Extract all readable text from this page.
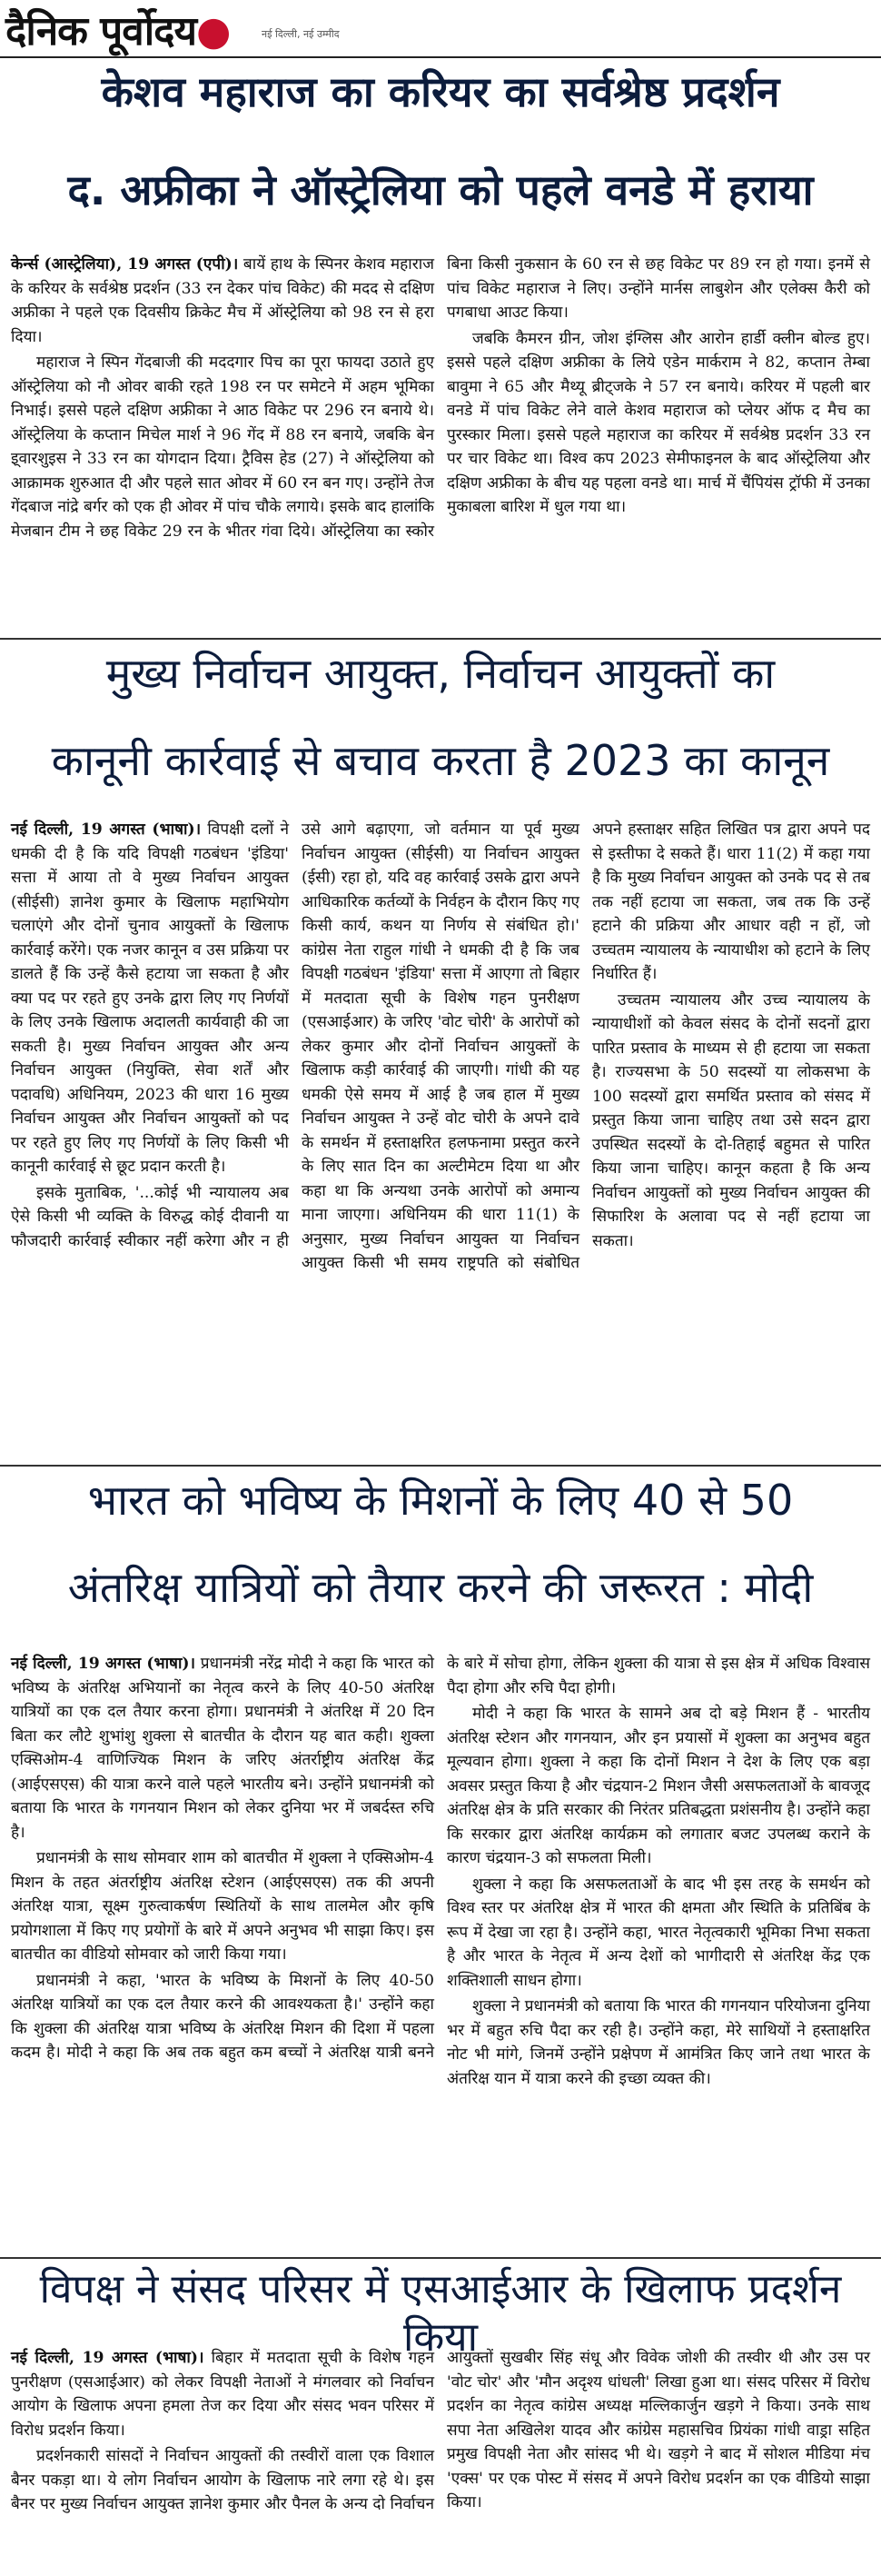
दैनिक पूर्वोदय●	नई दिल्ली, नई उम्मीद
केशव महाराज का करियर का सर्वश्रेष्ठ प्रदर्शन
द. अफ्रीका ने ऑस्ट्रेलिया को पहले वनडे में हराया

केर्न्स (आस्ट्रेलिया), 19 अगस्त (एपी)। बायें हाथ के स्पिनर केशव महाराज के करियर के सर्वश्रेष्ठ प्रदर्शन (33 रन देकर पांच विकेट) की मदद से दक्षिण अफ्रीका ने पहले एक दिवसीय क्रिकेट मैच में ऑस्ट्रेलिया को 98 रन से हरा दिया।

महाराज ने स्पिन गेंदबाजी की मददगार पिच का पूरा फायदा उठाते हुए ऑस्ट्रेलिया को नौ ओवर बाकी रहते 198 रन पर समेटने में अहम भूमिका निभाई। इससे पहले दक्षिण अफ्रीका ने आठ विकेट पर 296 रन बनाये थे। ऑस्ट्रेलिया के कप्तान मिचेल मार्श ने 96 गेंद में 88 रन बनाये, जबकि बेन इ्वारशुइस ने 33 रन का योगदान दिया। ट्रैविस हेड (27) ने ऑस्ट्रेलिया को आक्रामक शुरुआत दी और पहले सात ओवर में 60 रन बन गए। उन्होंने तेज गेंदबाज नांद्रे बर्गर को एक ही ओवर में पांच चौके लगाये। इसके बाद हालांकि मेजबान टीम ने छह विकेट 29 रन के भीतर गंवा दिये। ऑस्ट्रेलिया का स्कोर बिना किसी नुकसान के 60 रन से छह विकेट पर 89 रन हो गया। इनमें से पांच विकेट महाराज ने लिए। उन्होंने मार्नस लाबुशेन और एलेक्स कैरी को पगबाधा आउट किया।

जबकि कैमरन ग्रीन, जोश इंग्लिस और आरोन हार्डी क्लीन बोल्ड हुए। इससे पहले दक्षिण अफ्रीका के लिये एडेन मार्कराम ने 82, कप्तान तेम्बा बावुमा ने 65 और मैथ्यू ब्रीट्जके ने 57 रन बनाये। करियर में पहली बार वनडे में पांच विकेट लेने वाले केशव महाराज को प्लेयर ऑफ द मैच का पुरस्कार मिला। इससे पहले महाराज का करियर में सर्वश्रेष्ठ प्रदर्शन 33 रन पर चार विकेट था। विश्व कप 2023 सेमीफाइनल के बाद ऑस्ट्रेलिया और दक्षिण अफ्रीका के बीच यह पहला वनडे था। मार्च में चैंपियंस ट्रॉफी में उनका मुकाबला बारिश में धुल गया था।

मुख्य निर्वाचन आयुक्त, निर्वाचन आयुक्तों का
कानूनी कार्रवाई से बचाव करता है 2023 का कानून

नई दिल्ली, 19 अगस्त (भाषा)। विपक्षी दलों ने धमकी दी है कि यदि विपक्षी गठबंधन 'इंडिया' सत्ता में आया तो वे मुख्य निर्वाचन आयुक्त (सीईसी) ज्ञानेश कुमार के खिलाफ महाभियोग चलाएंगे और दोनों चुनाव आयुक्तों के खिलाफ कार्रवाई करेंगे। एक नजर कानून व उस प्रक्रिया पर डालते हैं कि उन्हें कैसे हटाया जा सकता है और क्या पद पर रहते हुए उनके द्वारा लिए गए निर्णयों के लिए उनके खिलाफ अदालती कार्यवाही की जा सकती है। मुख्य निर्वाचन आयुक्त और अन्य निर्वाचन आयुक्त (नियुक्ति, सेवा शर्तें और पदावधि) अधिनियम, 2023 की धारा 16 मुख्य निर्वाचन आयुक्त और निर्वाचन आयुक्तों को पद पर रहते हुए लिए गए निर्णयों के लिए किसी भी कानूनी कार्रवाई से छूट प्रदान करती है।

इसके मुताबिक, '...कोई भी न्यायालय अब ऐसे किसी भी व्यक्ति के विरुद्ध कोई दीवानी या फौजदारी कार्रवाई स्वीकार नहीं करेगा और न ही उसे आगे बढ़ाएगा, जो वर्तमान या पूर्व मुख्य निर्वाचन आयुक्त (सीईसी) या निर्वाचन आयुक्त (ईसी) रहा हो, यदि वह कार्रवाई उसके द्वारा अपने आधिकारिक कर्तव्यों के निर्वहन के दौरान किए गए किसी कार्य, कथन या निर्णय से संबंधित हो।' कांग्रेस नेता राहुल गांधी ने धमकी दी है कि जब विपक्षी गठबंधन 'इंडिया' सत्ता में आएगा तो बिहार में मतदाता सूची के विशेष गहन पुनरीक्षण (एसआईआर) के जरिए 'वोट चोरी' के आरोपों को लेकर कुमार और दोनों निर्वाचन आयुक्तों के खिलाफ कड़ी कार्रवाई की जाएगी। गांधी की यह धमकी ऐसे समय में आई है जब हाल में मुख्य निर्वाचन आयुक्त ने उन्हें वोट चोरी के अपने दावे के समर्थन में हस्ताक्षरित हलफनामा प्रस्तुत करने के लिए सात दिन का अल्टीमेटम दिया था और कहा था कि अन्यथा उनके आरोपों को अमान्य माना जाएगा। अधिनियम की धारा 11(1) के अनुसार, मुख्य निर्वाचन आयुक्त या निर्वाचन आयुक्त किसी भी समय राष्ट्रपति को संबोधित अपने हस्ताक्षर सहित लिखित पत्र द्वारा अपने पद से इस्तीफा दे सकते हैं। धारा 11(2) में कहा गया है कि मुख्य निर्वाचन आयुक्त को उनके पद से तब तक नहीं हटाया जा सकता, जब तक कि उन्हें हटाने की प्रक्रिया और आधार वही न हों, जो उच्चतम न्यायालय के न्यायाधीश को हटाने के लिए निर्धारित हैं।

उच्चतम न्यायालय और उच्च न्यायालय के न्यायाधीशों को केवल संसद के दोनों सदनों द्वारा पारित प्रस्ताव के माध्यम से ही हटाया जा सकता है। राज्यसभा के 50 सदस्यों या लोकसभा के 100 सदस्यों द्वारा समर्थित प्रस्ताव को संसद में प्रस्तुत किया जाना चाहिए तथा उसे सदन द्वारा उपस्थित सदस्यों के दो-तिहाई बहुमत से पारित किया जाना चाहिए। कानून कहता है कि अन्य निर्वाचन आयुक्तों को मुख्य निर्वाचन आयुक्त की सिफारिश के अलावा पद से नहीं हटाया जा सकता।

भारत को भविष्य के मिशनों के लिए 40 से 50
अंतरिक्ष यात्रियों को तैयार करने की जरूरत : मोदी

नई दिल्ली, 19 अगस्त (भाषा)। प्रधानमंत्री नरेंद्र मोदी ने कहा कि भारत को भविष्य के अंतरिक्ष अभियानों का नेतृत्व करने के लिए 40-50 अंतरिक्ष यात्रियों का एक दल तैयार करना होगा। प्रधानमंत्री ने अंतरिक्ष में 20 दिन बिता कर लौटे शुभांशु शुक्ला से बातचीत के दौरान यह बात कही। शुक्ला एक्सिओम-4 वाणिज्यिक मिशन के जरिए अंतर्राष्ट्रीय अंतरिक्ष केंद्र (आईएसएस) की यात्रा करने वाले पहले भारतीय बने। उन्होंने प्रधानमंत्री को बताया कि भारत के गगनयान मिशन को लेकर दुनिया भर में जबर्दस्त रुचि है।

प्रधानमंत्री के साथ सोमवार शाम को बातचीत में शुक्ला ने एक्सिओम-4 मिशन के तहत अंतर्राष्ट्रीय अंतरिक्ष स्टेशन (आईएसएस) तक की अपनी अंतरिक्ष यात्रा, सूक्ष्म गुरुत्वाकर्षण स्थितियों के साथ तालमेल और कृषि प्रयोगशाला में किए गए प्रयोगों के बारे में अपने अनुभव भी साझा किए। इस बातचीत का वीडियो सोमवार को जारी किया गया।

प्रधानमंत्री ने कहा, 'भारत के भविष्य के मिशनों के लिए 40-50 अंतरिक्ष यात्रियों का एक दल तैयार करने की आवश्यकता है।' उन्होंने कहा कि शुक्ला की अंतरिक्ष यात्रा भविष्य के अंतरिक्ष मिशन की दिशा में पहला कदम है। मोदी ने कहा कि अब तक बहुत कम बच्चों ने अंतरिक्ष यात्री बनने के बारे में सोचा होगा, लेकिन शुक्ला की यात्रा से इस क्षेत्र में अधिक विश्वास पैदा होगा और रुचि पैदा होगी।

मोदी ने कहा कि भारत के सामने अब दो बड़े मिशन हैं - भारतीय अंतरिक्ष स्टेशन और गगनयान, और इन प्रयासों में शुक्ला का अनुभव बहुत मूल्यवान होगा। शुक्ला ने कहा कि दोनों मिशन ने देश के लिए एक बड़ा अवसर प्रस्तुत किया है और चंद्रयान-2 मिशन जैसी असफलताओं के बावजूद अंतरिक्ष क्षेत्र के प्रति सरकार की निरंतर प्रतिबद्धता प्रशंसनीय है। उन्होंने कहा कि सरकार द्वारा अंतरिक्ष कार्यक्रम को लगातार बजट उपलब्ध कराने के कारण चंद्रयान-3 को सफलता मिली।

शुक्ला ने कहा कि असफलताओं के बाद भी इस तरह के समर्थन को विश्व स्तर पर अंतरिक्ष क्षेत्र में भारत की क्षमता और स्थिति के प्रतिबिंब के रूप में देखा जा रहा है। उन्होंने कहा, भारत नेतृत्वकारी भूमिका निभा सकता है और भारत के नेतृत्व में अन्य देशों को भागीदारी से अंतरिक्ष केंद्र एक शक्तिशाली साधन होगा।

शुक्ला ने प्रधानमंत्री को बताया कि भारत की गगनयान परियोजना दुनिया भर में बहुत रुचि पैदा कर रही है। उन्होंने कहा, मेरे साथियों ने हस्ताक्षरित नोट भी मांगे, जिनमें उन्होंने प्रक्षेपण में आमंत्रित किए जाने तथा भारत के अंतरिक्ष यान में यात्रा करने की इच्छा व्यक्त की।

विपक्ष ने संसद परिसर में एसआईआर के खिलाफ प्रदर्शन किया

नई दिल्ली, 19 अगस्त (भाषा)। बिहार में मतदाता सूची के विशेष गहन पुनरीक्षण (एसआईआर) को लेकर विपक्षी नेताओं ने मंगलवार को निर्वाचन आयोग के खिलाफ अपना हमला तेज कर दिया और संसद भवन परिसर में विरोध प्रदर्शन किया।

प्रदर्शनकारी सांसदों ने निर्वाचन आयुक्तों की तस्वीरों वाला एक विशाल बैनर पकड़ा था। ये लोग निर्वाचन आयोग के खिलाफ नारे लगा रहे थे। इस बैनर पर मुख्य निर्वाचन आयुक्त ज्ञानेश कुमार और पैनल के अन्य दो निर्वाचन आयुक्तों सुखबीर सिंह संधू और विवेक जोशी की तस्वीर थी और उस पर 'वोट चोर' और 'मौन अदृश्य धांधली' लिखा हुआ था। संसद परिसर में विरोध प्रदर्शन का नेतृत्व कांग्रेस अध्यक्ष मल्लिकार्जुन खड़गे ने किया। उनके साथ सपा नेता अखिलेश यादव और कांग्रेस महासचिव प्रियंका गांधी वाड्रा सहित प्रमुख विपक्षी नेता और सांसद भी थे। खड़गे ने बाद में सोशल मीडिया मंच 'एक्स' पर एक पोस्ट में संसद में अपने विरोध प्रदर्शन का एक वीडियो साझा किया।
